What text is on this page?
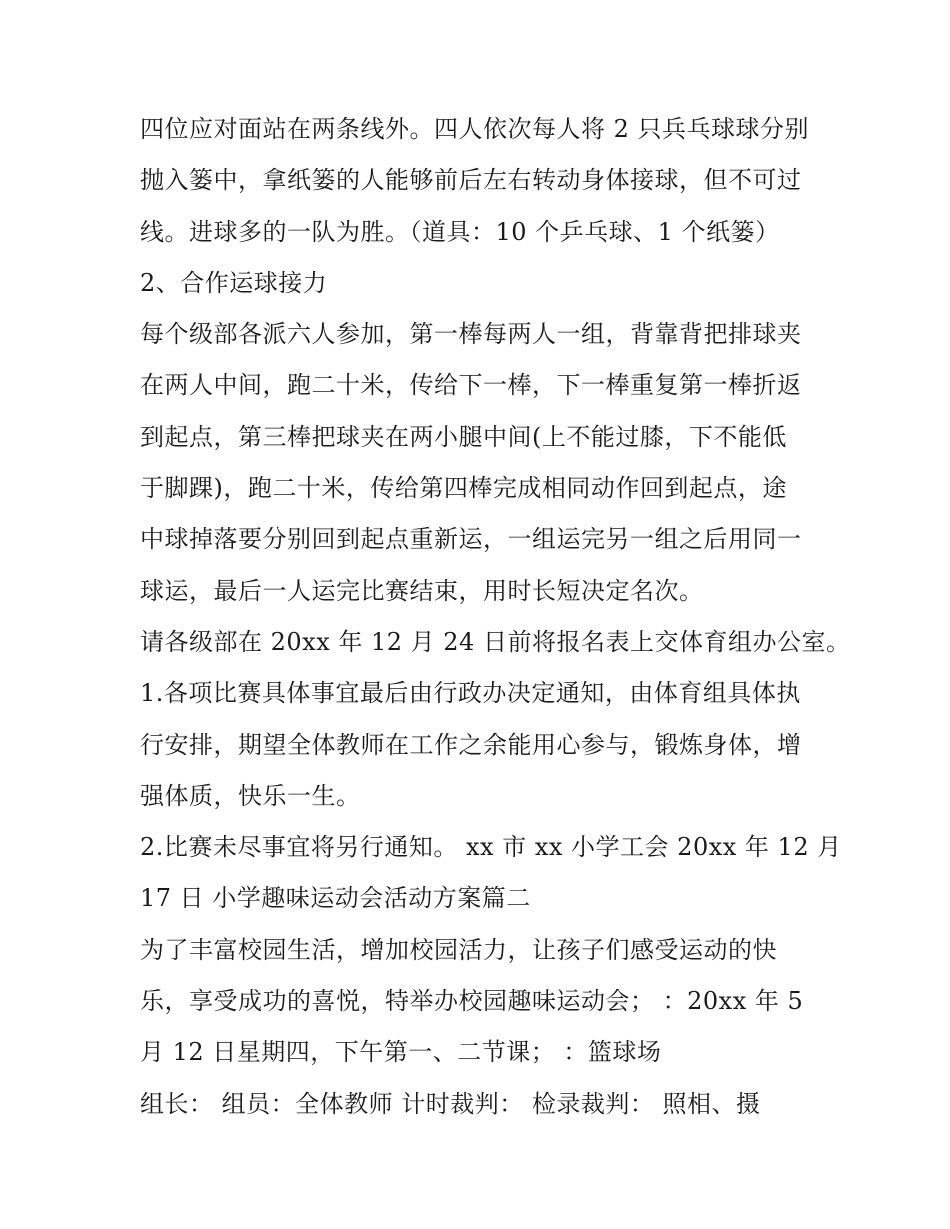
四位应对面站在两条线外。四人依次每人将 2 只兵乓球球分别
抛入篓中，拿纸篓的人能够前后左右转动身体接球，但不可过
线。进球多的一队为胜。（道具：10 个乒乓球、1 个纸篓）
2、合作运球接力
每个级部各派六人参加，第一棒每两人一组，背靠背把排球夹
在两人中间，跑二十米，传给下一棒，下一棒重复第一棒折返
到起点，第三棒把球夹在两小腿中间(上不能过膝，下不能低
于脚踝)，跑二十米，传给第四棒完成相同动作回到起点，途
中球掉落要分别回到起点重新运，一组运完另一组之后用同一
球运，最后一人运完比赛结束，用时长短决定名次。
请各级部在 20xx 年 12 月 24 日前将报名表上交体育组办公室。
1.各项比赛具体事宜最后由行政办决定通知，由体育组具体执
行安排，期望全体教师在工作之余能用心参与，锻炼身体，增
强体质，快乐一生。
2.比赛未尽事宜将另行通知。 xx 市 xx 小学工会 20xx 年 12 月
17 日 小学趣味运动会活动方案篇二
为了丰富校园生活，增加校园活力，让孩子们感受运动的快
乐，享受成功的喜悦，特举办校园趣味运动会； ：20xx 年 5
月 12 日星期四，下午第一、二节课； ：篮球场
组长： 组员：全体教师 计时裁判： 检录裁判： 照相、摄
